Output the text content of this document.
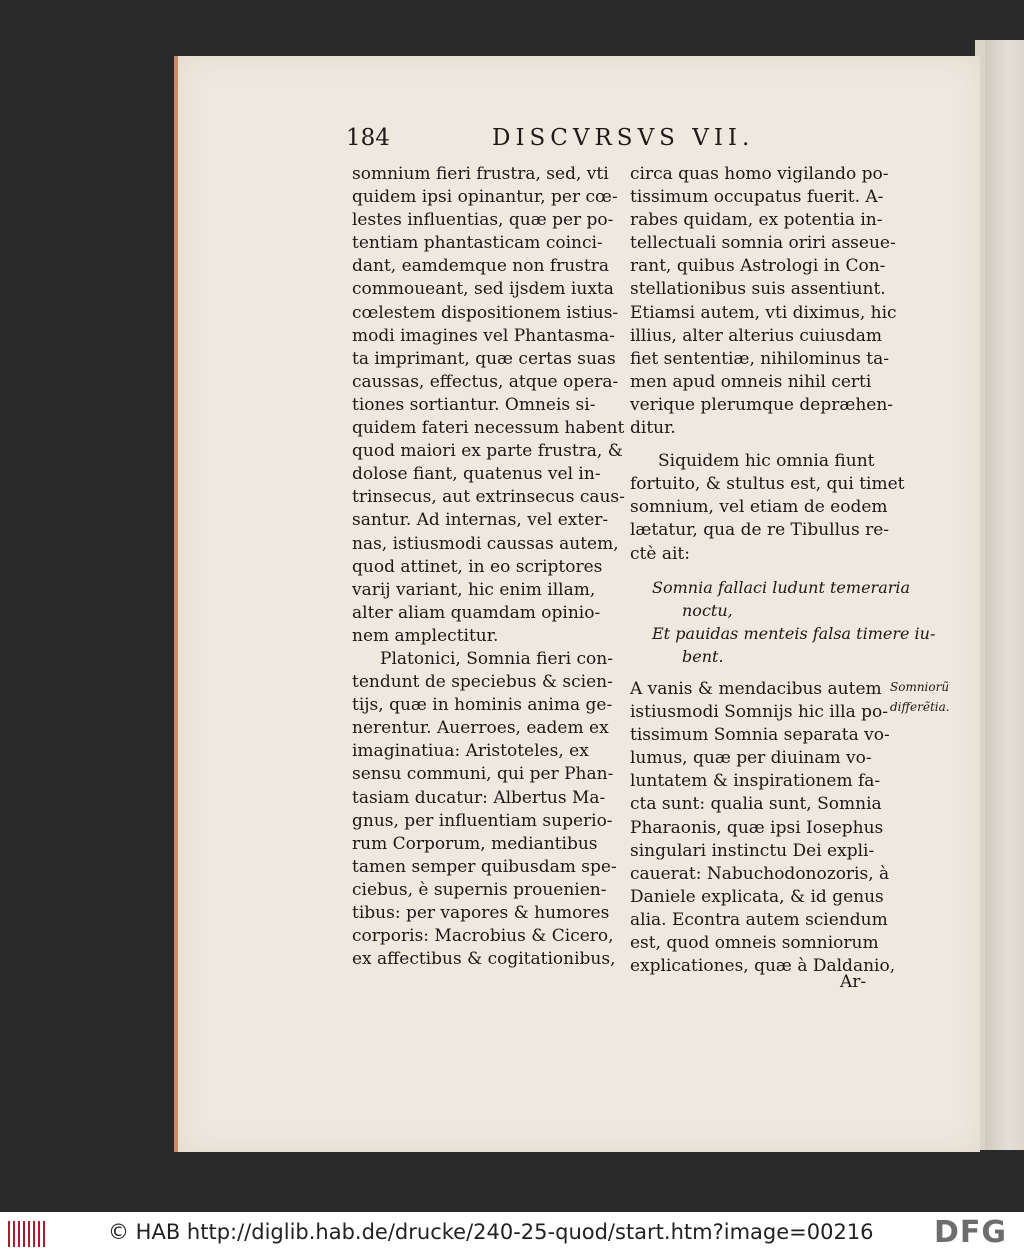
184	DISCVRSVS VII.
somnium fieri frustra, sed, vti
quidem ipsi opinantur, per cœ-
lestes influentias, quæ per po-
tentiam phantasticam coinci-
dant, eamdemque non frustra
commoueant, sed ijsdem iuxta
cœlestem dispositionem istius-
modi imagines vel Phantasma-
ta imprimant, quæ certas suas
caussas, effectus, atque opera-
tiones sortiantur. Omneis si-
quidem fateri necessum habent
quod maiori ex parte frustra, &
dolose fiant, quatenus vel in-
trinsecus, aut extrinsecus caus-
santur. Ad internas, vel exter-
nas, istiusmodi caussas autem,
quod attinet, in eo scriptores
varij variant, hic enim illam,
alter aliam quamdam opinio-
nem amplectitur.
Platonici, Somnia fieri con-
tendunt de speciebus & scien-
tijs, quæ in hominis anima ge-
nerentur. Auerroes, eadem ex
imaginatiua: Aristoteles, ex
sensu communi, qui per Phan-
tasiam ducatur: Albertus Ma-
gnus, per influentiam superio-
rum Corporum, mediantibus
tamen semper quibusdam spe-
ciebus, è supernis prouenien-
tibus: per vapores & humores
corporis: Macrobius & Cicero,
ex affectibus & cogitationibus,
circa quas homo vigilando po-
tissimum occupatus fuerit. A-
rabes quidam, ex potentia in-
tellectuali somnia oriri asseue-
rant, quibus Astrologi in Con-
stellationibus suis assentiunt.
Etiamsi autem, vti diximus, hic
illius, alter alterius cuiusdam
fiet sententiæ, nihilominus ta-
men apud omneis nihil certi
verique plerumque depræhen-
ditur.
Siquidem hic omnia fiunt
fortuito, & stultus est, qui timet
somnium, vel etiam de eodem
lætatur, qua de re Tibullus re-
ctè ait:
Somnia fallaci ludunt temeraria
noctu,
Et pauidas menteis falsa timere iu-
bent.
A vanis & mendacibus autem
istiusmodi Somnijs hic illa po-
tissimum Somnia separata vo-
lumus, quæ per diuinam vo-
luntatem & inspirationem fa-
cta sunt: qualia sunt, Somnia
Pharaonis, quæ ipsi Iosephus
singulari instinctu Dei expli-
cauerat: Nabuchodonozoris, à
Daniele explicata, & id genus
alia. Econtra autem sciendum
est, quod omneis somniorum
explicationes, quæ à Daldanio,
Ar-
Somniorũ
differẽtia.
© HAB http://diglib.hab.de/drucke/240-25-quod/start.htm?image=00216 DFG
